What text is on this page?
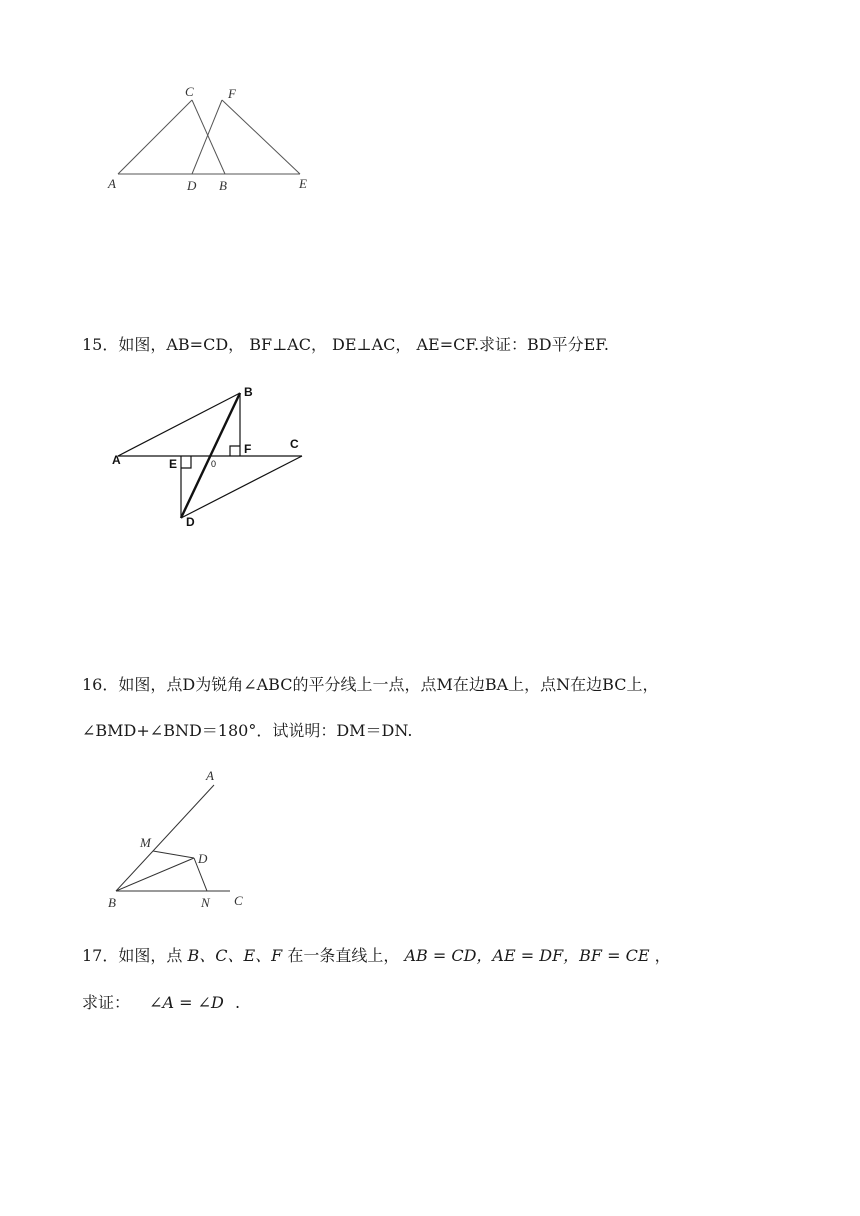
A
C	F
D B	E
15．如图，AB=CD， BF⊥AC， DE⊥AC， AE=CF.求证：BD平分EF.
A
B
C
D
E
F
0
16．如图，点D为锐角∠ABC的平分线上一点，点M在边BA上，点N在边BC上，
∠BMD+∠BND＝180°．试说明：DM＝DN.
A
M
D
B	N C
17．如图，点 B、C、E、F 在一条直线上， AB = CD，AE = DF，BF = CE ，
求证： ∠A = ∠D .
